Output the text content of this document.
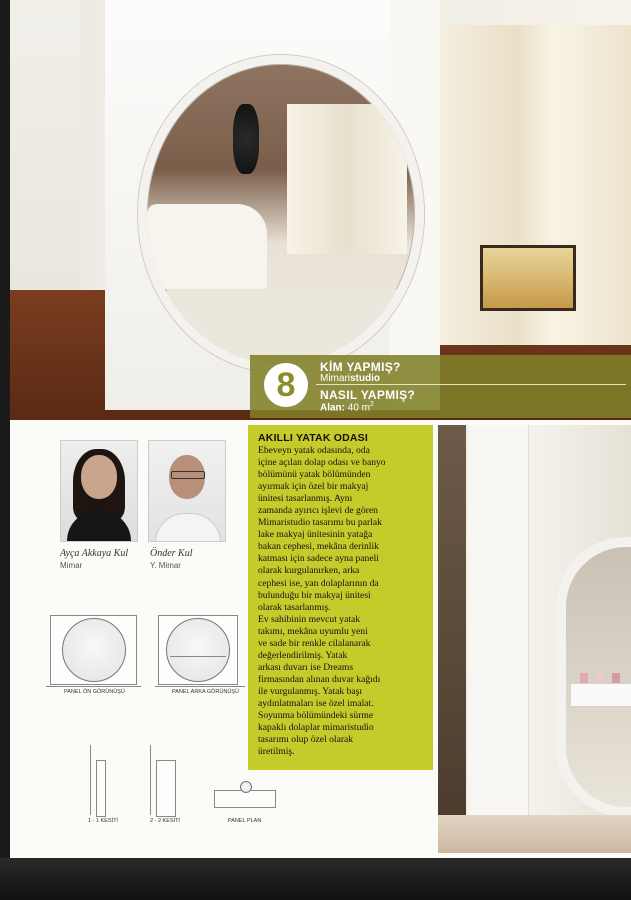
8	KİM YAPMIŞ?
Mimaristudio
NASIL YAPMIŞ?
Alan: 40 $m^2$
Ayça Akkaya Kul
Mimar
Önder Kul
Y. Mimar
PANEL ÖN GÖRÜNÜŞÜ	PANEL ARKA GÖRÜNÜŞÜ
1 - 1 KESİTİ	2 - 2 KESİTİ	PANEL PLAN
AKILLI YATAK ODASI
Ebeveyn yatak odasında, oda
içine açılan dolap odası ve banyo
bölümünü yatak bölümünden
ayırmak için özel bir makyaj
ünitesi tasarlanmış. Aynı
zamanda ayırıcı işlevi de gören
Mimaristudio tasarımı bu parlak
lake makyaj ünitesinin yatağa
bakan cephesi, mekâna derinlik
katması için sadece ayna paneli
olarak kurgulanırken, arka
cephesi ise, yan dolaplarının da
bulunduğu bir makyaj ünitesi
olarak tasarlanmış.
Ev sahibinin mevcut yatak
takımı, mekâna uyumlu yeni
ve sade bir renkle cilalanarak
değerlendirilmiş. Yatak
arkası duvarı ise Dreams
firmasından alınan duvar kağıdı
ile vurgulanmış. Yatak başı
aydınlatmaları ise özel imalat.
Soyunma bölümündeki sürme
kapaklı dolaplar mimaristudio
tasarımı olup özel olarak
üretilmiş.
